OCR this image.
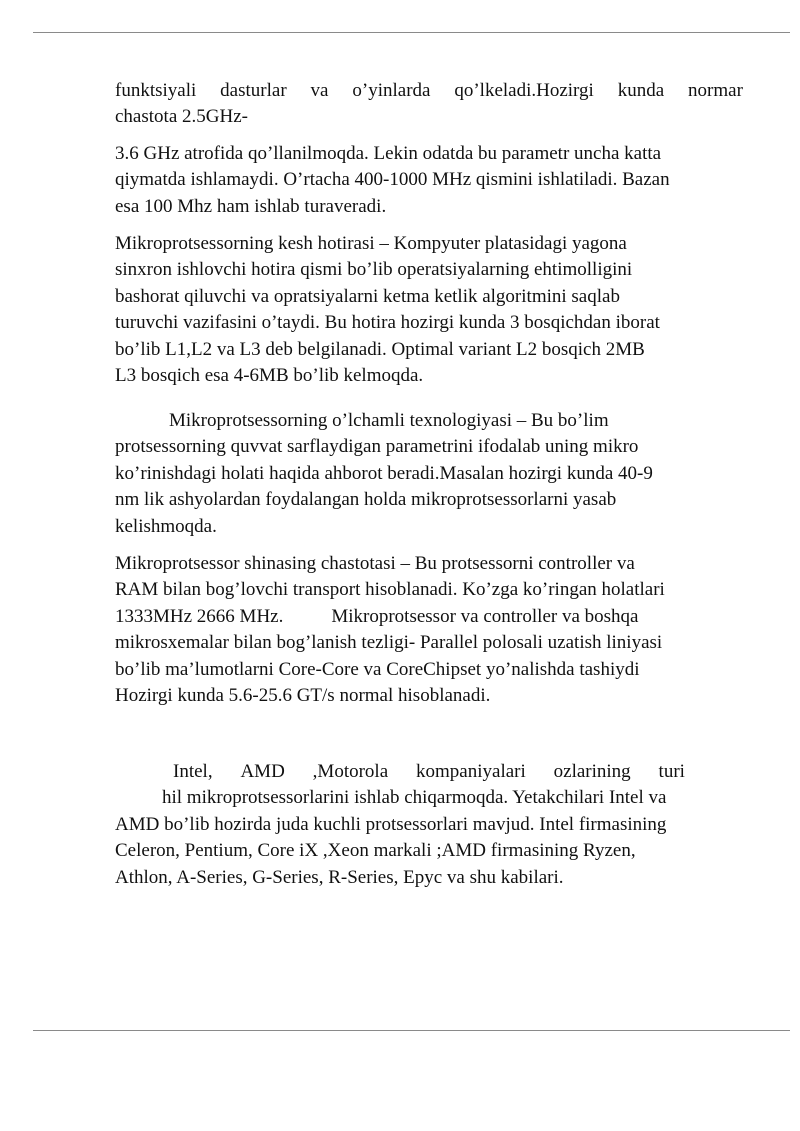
funktsiyali dasturlar va o’yinlarda qo’lkeladi.Hozirgi kunda normar
chastota 2.5GHz-

3.6 GHz atrofida qo’llanilmoqda. Lekin odatda bu parametr uncha katta
qiymatda ishlamaydi. O’rtacha 400-1000 MHz qismini ishlatiladi. Bazan
esa 100 Mhz ham ishlab turaveradi.

Mikroprotsessorning kesh hotirasi – Kompyuter platasidagi yagona
sinxron ishlovchi hotira qismi bo’lib operatsiyalarning ehtimolligini
bashorat qiluvchi va opratsiyalarni ketma ketlik algoritmini saqlab
turuvchi vazifasini o’taydi. Bu hotira hozirgi kunda 3 bosqichdan iborat
bo’lib L1,L2 va L3 deb belgilanadi. Optimal variant L2 bosqich 2MB
L3 bosqich esa 4-6MB bo’lib kelmoqda.

Mikroprotsessorning o’lchamli texnologiyasi – Bu bo’lim
protsessorning quvvat sarflaydigan parametrini ifodalab uning mikro
ko’rinishdagi holati haqida ahborot beradi.Masalan hozirgi kunda 40-9
nm lik ashyolardan foydalangan holda mikroprotsessorlarni yasab
kelishmoqda.

Mikroprotsessor shinasing chastotasi – Bu protsessorni controller va
RAM bilan bog’lovchi transport hisoblanadi. Ko’zga ko’ringan holatlari
1333MHz 2666 MHz.	Mikroprotsessor va controller va boshqa
mikrosxemalar bilan bog’lanish tezligi- Parallel polosali uzatish liniyasi
bo’lib ma’lumotlarni Core-Core va CoreChipset yo’nalishda tashiydi
Hozirgi kunda 5.6-25.6 GT/s normal hisoblanadi.

Intel, AMD ,Motorola kompaniyalari ozlarining turi
hil mikroprotsessorlarini ishlab chiqarmoqda. Yetakchilari Intel va
AMD bo’lib hozirda juda kuchli protsessorlari mavjud. Intel firmasining
Celeron, Pentium, Core iX ,Xeon markali ;AMD firmasining Ryzen,
Athlon, A-Series, G-Series, R-Series, Epyc va shu kabilari.
